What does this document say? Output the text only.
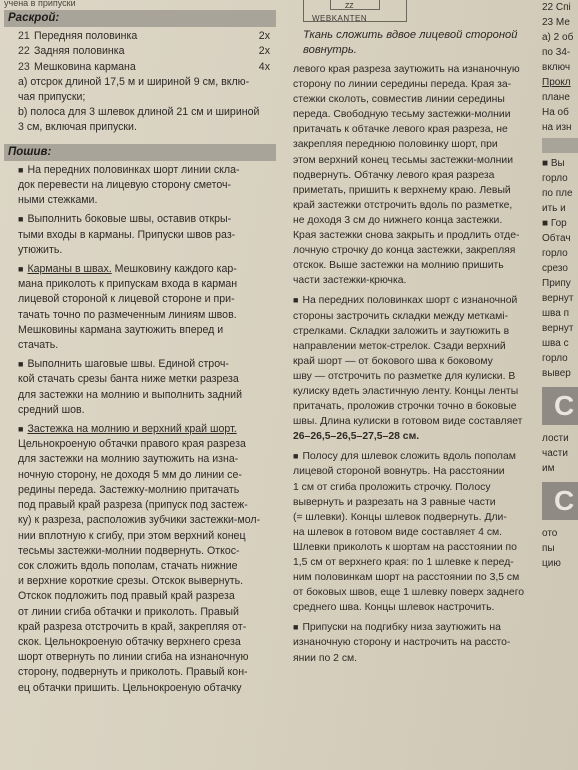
учена в припуски
Раскрой:
21 Передняя половинка	2х
22 Задняя половинка	2х
23 Мешковина кармана	4х

а) отсрок длиной 17,5 м и шириной 9 см, вклю-
чая припуски;

b) полоса для 3 шлевок длиной 21 см и шириной
3 см, включая припуски.

Пошив:

■ На передних половинках шорт линии скла-
док перевести на лицевую сторону сметоч-
ными стежками.

■ Выполнить боковые швы, оставив откры-
тыми входы в карманы. Припуски швов раз-
утюжить.

■ Карманы в швах. Мешковину каждого кар-
мана приколоть к припускам входа в карман
лицевой стороной к лицевой стороне и при-
тачать точно по размеченным линиям швов.
Мешковины кармана заутюжить вперед и
стачать.

■ Выполнить шаговые швы. Единой строч-
кой стачать срезы банта ниже метки разреза
для застежки на молнию и выполнить задний
средний шов.

■ Застежка на молнию и верхний край шорт.

Цельнокроеную обтачки правого края разреза
для застежки на молнию заутюжить на изна-
ночную сторону, не доходя 5 мм до линии се-
редины переда. Застежку-молнию притачать
под правый край разреза (припуск под застеж-
ку) к разреза, расположив зубчики застежки-мол-
нии вплотную к сгибу, при этом верхний конец
тесьмы застежки-молнии подвернуть. Откос-
сок сложить вдоль пополам, стачать нижние
и верхние короткие срезы. Отскок вывернуть.
Отскок подложить под правый край разреза
от линии сгиба обтачки и приколоть. Правый
край разреза отстрочить в край, закрепляя от-
скок. Цельнокроеную обтачку верхнего среза
шорт отвернуть по линии сгиба на изнаночную
сторону, подвернуть и приколоть. Правый кон-
ец обтачки пришить. Цельнокроеную обтачку

ZZ
WEBKANTEN
Ткань сложить вдвое лицевой стороной
вовнутрь.

левого края разреза заутюжить на изнаночную
сторону по линии середины переда. Края за-
стежки сколоть, совместив линии середины
переда. Свободную тесьму застежки-молнии
притачать к обтачке левого края разреза, не
закрепляя переднюю половинку шорт, при
этом верхний конец тесьмы застежки-молнии
подвернуть. Обтачку левого края разреза
приметать, пришить к верхнему краю. Левый
край застежки отстрочить вдоль по разметке,
не доходя 3 см до нижнего конца застежки.
Края застежки снова закрыть и продлить отде-
лочную строчку до конца застежки, закрепляя
отскок. Выше застежки на молнию пришить
части застежки-крючка.

■ На передних половинках шорт с изнаночной
стороны застрочить складки между меткамі-
стрелками. Складки заложить и заутюжить в
направлении меток-стрелок. Сзади верхний
край шорт — от бокового шва к боковому
шву — отстрочить по разметке для кулиски. В
кулиску вдеть эластичную ленту. Концы ленты
притачать, проложив строчки точно в боковые
швы. Длина кулиски в готовом виде составляет
26–26,5–26,5–27,5–28 см.

■ Полосу для шлевок сложить вдоль пополам
лицевой стороной вовнутрь. На расстоянии
1 см от сгиба проложить строчку. Полосу
вывернуть и разрезать на 3 равные части
(= шлевки). Концы шлевок подвернуть. Дли-
на шлевок в готовом виде составляет 4 см.
Шлевки приколоть к шортам на расстоянии по
1,5 см от верхнего края: по 1 шлевке к перед-
ним половинкам шорт на расстоянии по 3,5 см
от боковых швов, еще 1 шлевку поверх заднего
среднего шва. Концы шлевок настрочить.

■ Припуски на подгибку низа заутюжить на
изнаночную сторону и настрочить на рассто-
янии по 2 см.

22 Спі
23 Ме
а) 2 об
по 34-
включ
Прокл
плане
На об
на изн
■ Вы
горло
по пле
ить и
■ Гор
Обтач
горло
срезо
Припу
вернут
шва п
вернут
шва с
горло
вывер
С
лости
части
им
С
ото
пы
цию
